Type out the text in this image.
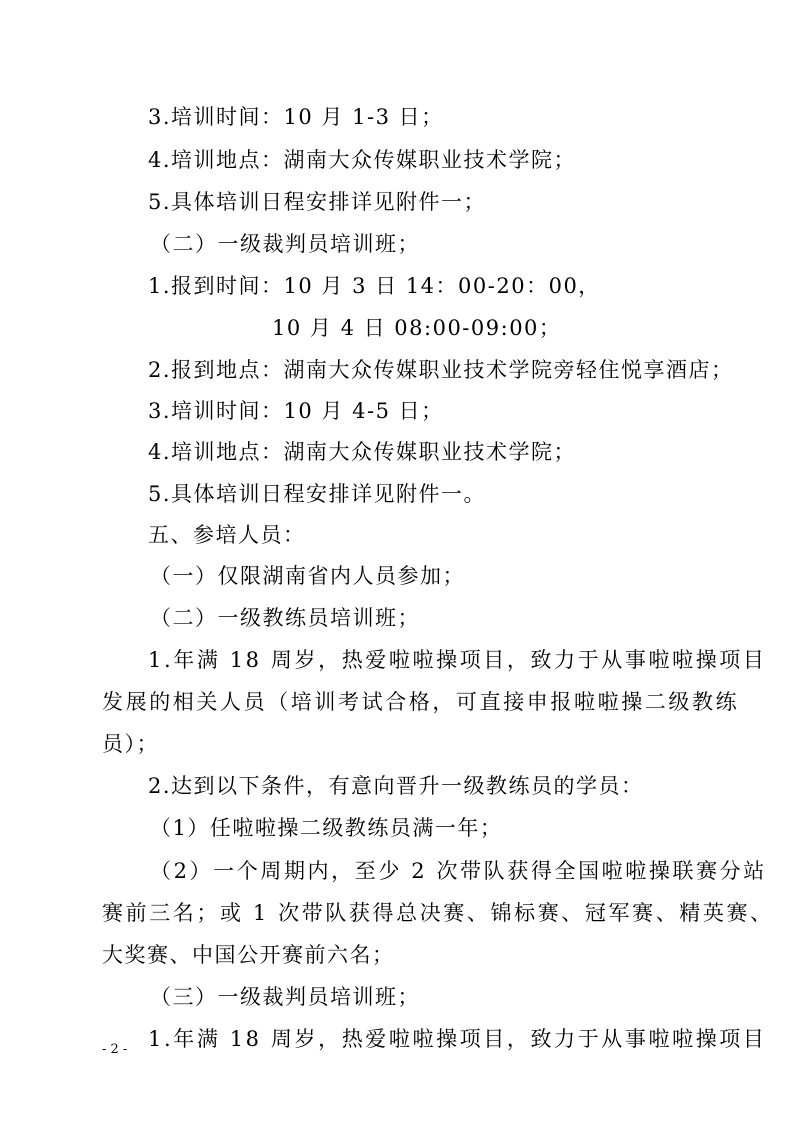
3.培训时间：10 月 1-3 日；
4.培训地点：湖南大众传媒职业技术学院；
5.具体培训日程安排详见附件一；
（二）一级裁判员培训班；
1.报到时间：10 月 3 日 14：00-20：00，
10 月 4 日 08:00-09:00；
2.报到地点：湖南大众传媒职业技术学院旁轻住悦享酒店；
3.培训时间：10 月 4-5 日；
4.培训地点：湖南大众传媒职业技术学院；
5.具体培训日程安排详见附件一。
五、参培人员：
（一）仅限湖南省内人员参加；
（二）一级教练员培训班；
1.年满 18 周岁，热爱啦啦操项目，致力于从事啦啦操项目
发展的相关人员（培训考试合格，可直接申报啦啦操二级教练
员）；
2.达到以下条件，有意向晋升一级教练员的学员：
（1）任啦啦操二级教练员满一年；
（2）一个周期内，至少 2 次带队获得全国啦啦操联赛分站
赛前三名；或 1 次带队获得总决赛、锦标赛、冠军赛、精英赛、
大奖赛、中国公开赛前六名；
（三）一级裁判员培训班；
1.年满 18 周岁，热爱啦啦操项目，致力于从事啦啦操项目
- 2 -
